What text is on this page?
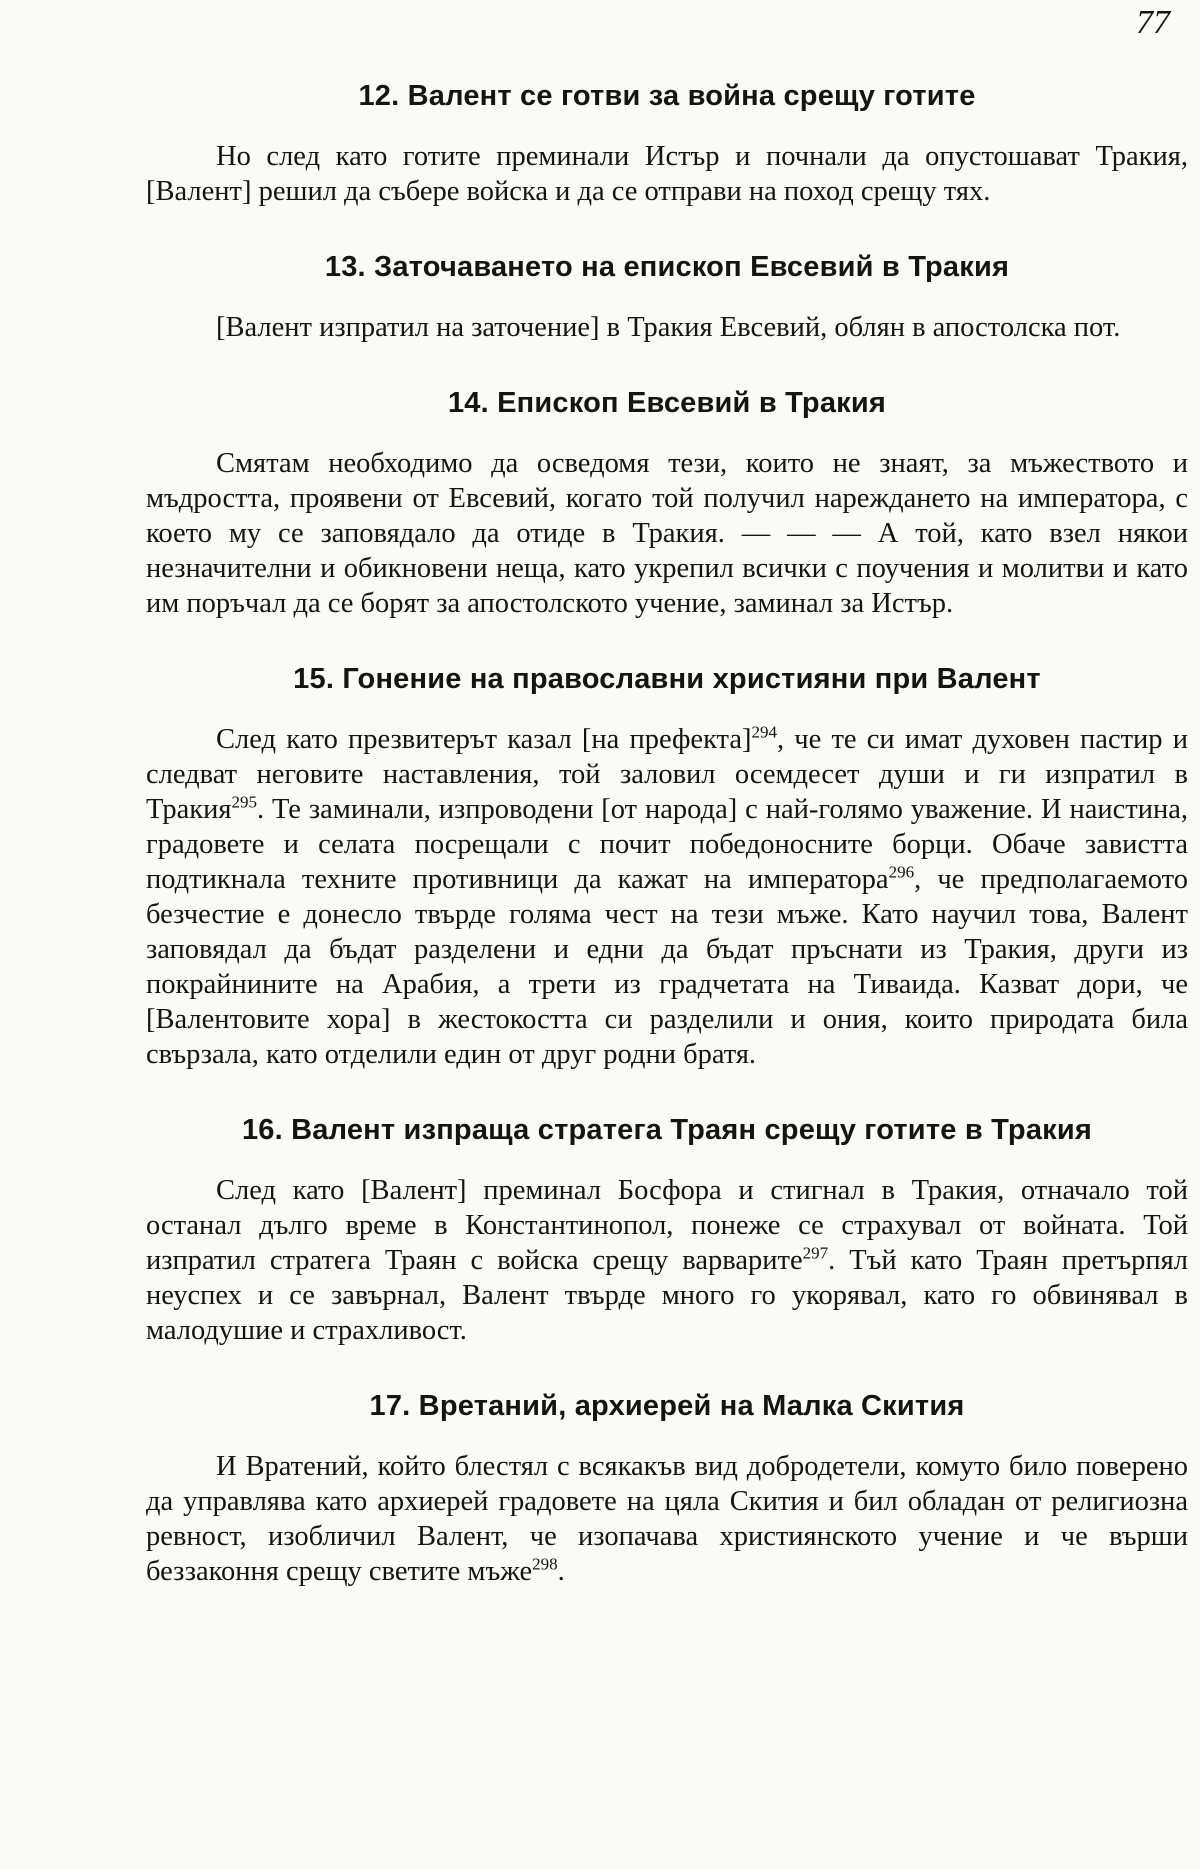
77
12. Валент се готви за война срещу готите

Но след като готите преминали Истър и почнали да опустошават Тракия, [Валент] решил да събере войска и да се отправи на поход срещу тях.

13. Заточаването на епископ Евсевий в Тракия

[Валент изпратил на заточение] в Тракия Евсевий, облян в апостолска пот.

14. Епископ Евсевий в Тракия

Смятам необходимо да осведомя тези, които не знаят, за мъжеството и мъдростта, проявени от Евсевий, когато той получил нареждането на императора, с което му се заповядало да отиде в Тракия. — — — А той, като взел някои незначителни и обикновени неща, като укрепил всички с поучения и молитви и като им поръчал да се борят за апостолското учение, заминал за Истър.

15. Гонение на православни християни при Валент

След като презвитерът казал [на префекта]$^{294}$, че те си имат духовен пастир и следват неговите наставления, той заловил осемдесет души и ги изпратил в Тракия$^{295}$. Те заминали, изпроводени [от народа] с най-голямо уважение. И наистина, градовете и селата посрещали с почит победоносните борци. Обаче завистта подтикнала техните противници да кажат на императора$^{296}$, че предполагаемото безчестие е донесло твърде голяма чест на тези мъже. Като научил това, Валент заповядал да бъдат разделени и едни да бъдат пръснати из Тракия, други из покрайнините на Арабия, а трети из градчетата на Тиваида. Казват дори, че [Валентовите хора] в жестокостта си разделили и ония, които природата била свързала, като отделили един от друг родни братя.

16. Валент изпраща стратега Траян срещу готите в Тракия

След като [Валент] преминал Босфора и стигнал в Тракия, отначало той останал дълго време в Константинопол, понеже се страхувал от войната. Той изпратил стратега Траян с войска срещу варварите$^{297}$. Тъй като Траян претърпял неуспех и се завърнал, Валент твърде много го укорявал, като го обвинявал в малодушие и страхливост.

17. Вретаний, архиерей на Малка Скития

И Вратений, който блестял с всякакъв вид добродетели, комуто било поверено да управлява като архиерей градовете на цяла Скития и бил обладан от религиозна ревност, изобличил Валент, че изопачава християнското учение и че върши беззаконня срещу светите мъже$^{298}$.
